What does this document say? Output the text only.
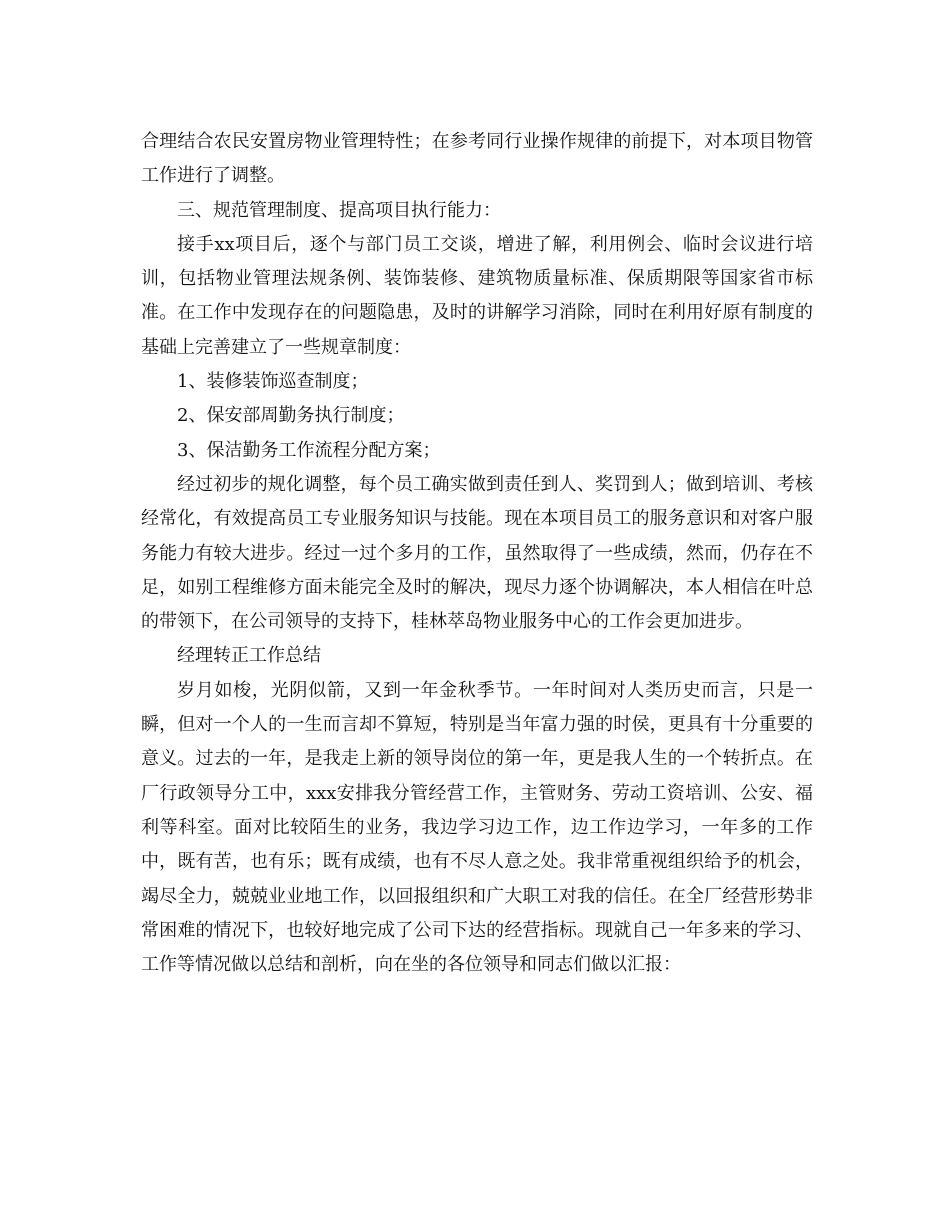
合理结合农民安置房物业管理特性；在参考同行业操作规律的前提下，对本项目物管工作进行了调整。

三、规范管理制度、提高项目执行能力：

接手xx项目后，逐个与部门员工交谈，增进了解，利用例会、临时会议进行培训，包括物业管理法规条例、装饰装修、建筑物质量标准、保质期限等国家省市标准。在工作中发现存在的问题隐患，及时的讲解学习消除，同时在利用好原有制度的基础上完善建立了一些规章制度：

1、装修装饰巡查制度；

2、保安部周勤务执行制度；

3、保洁勤务工作流程分配方案；

经过初步的规化调整，每个员工确实做到责任到人、奖罚到人；做到培训、考核经常化，有效提高员工专业服务知识与技能。现在本项目员工的服务意识和对客户服务能力有较大进步。经过一过个多月的工作，虽然取得了一些成绩，然而，仍存在不足，如别工程维修方面未能完全及时的解决，现尽力逐个协调解决，本人相信在叶总的带领下，在公司领导的支持下，桂林萃岛物业服务中心的工作会更加进步。

经理转正工作总结

岁月如梭，光阴似箭，又到一年金秋季节。一年时间对人类历史而言，只是一瞬，但对一个人的一生而言却不算短，特别是当年富力强的时侯，更具有十分重要的意义。过去的一年，是我走上新的领导岗位的第一年，更是我人生的一个转折点。在厂行政领导分工中，xxx安排我分管经营工作，主管财务、劳动工资培训、公安、福利等科室。面对比较陌生的业务，我边学习边工作，边工作边学习，一年多的工作中，既有苦，也有乐；既有成绩，也有不尽人意之处。我非常重视组织给予的机会，竭尽全力，兢兢业业地工作，以回报组织和广大职工对我的信任。在全厂经营形势非常困难的情况下，也较好地完成了公司下达的经营指标。现就自己一年多来的学习、工作等情况做以总结和剖析，向在坐的各位领导和同志们做以汇报：
